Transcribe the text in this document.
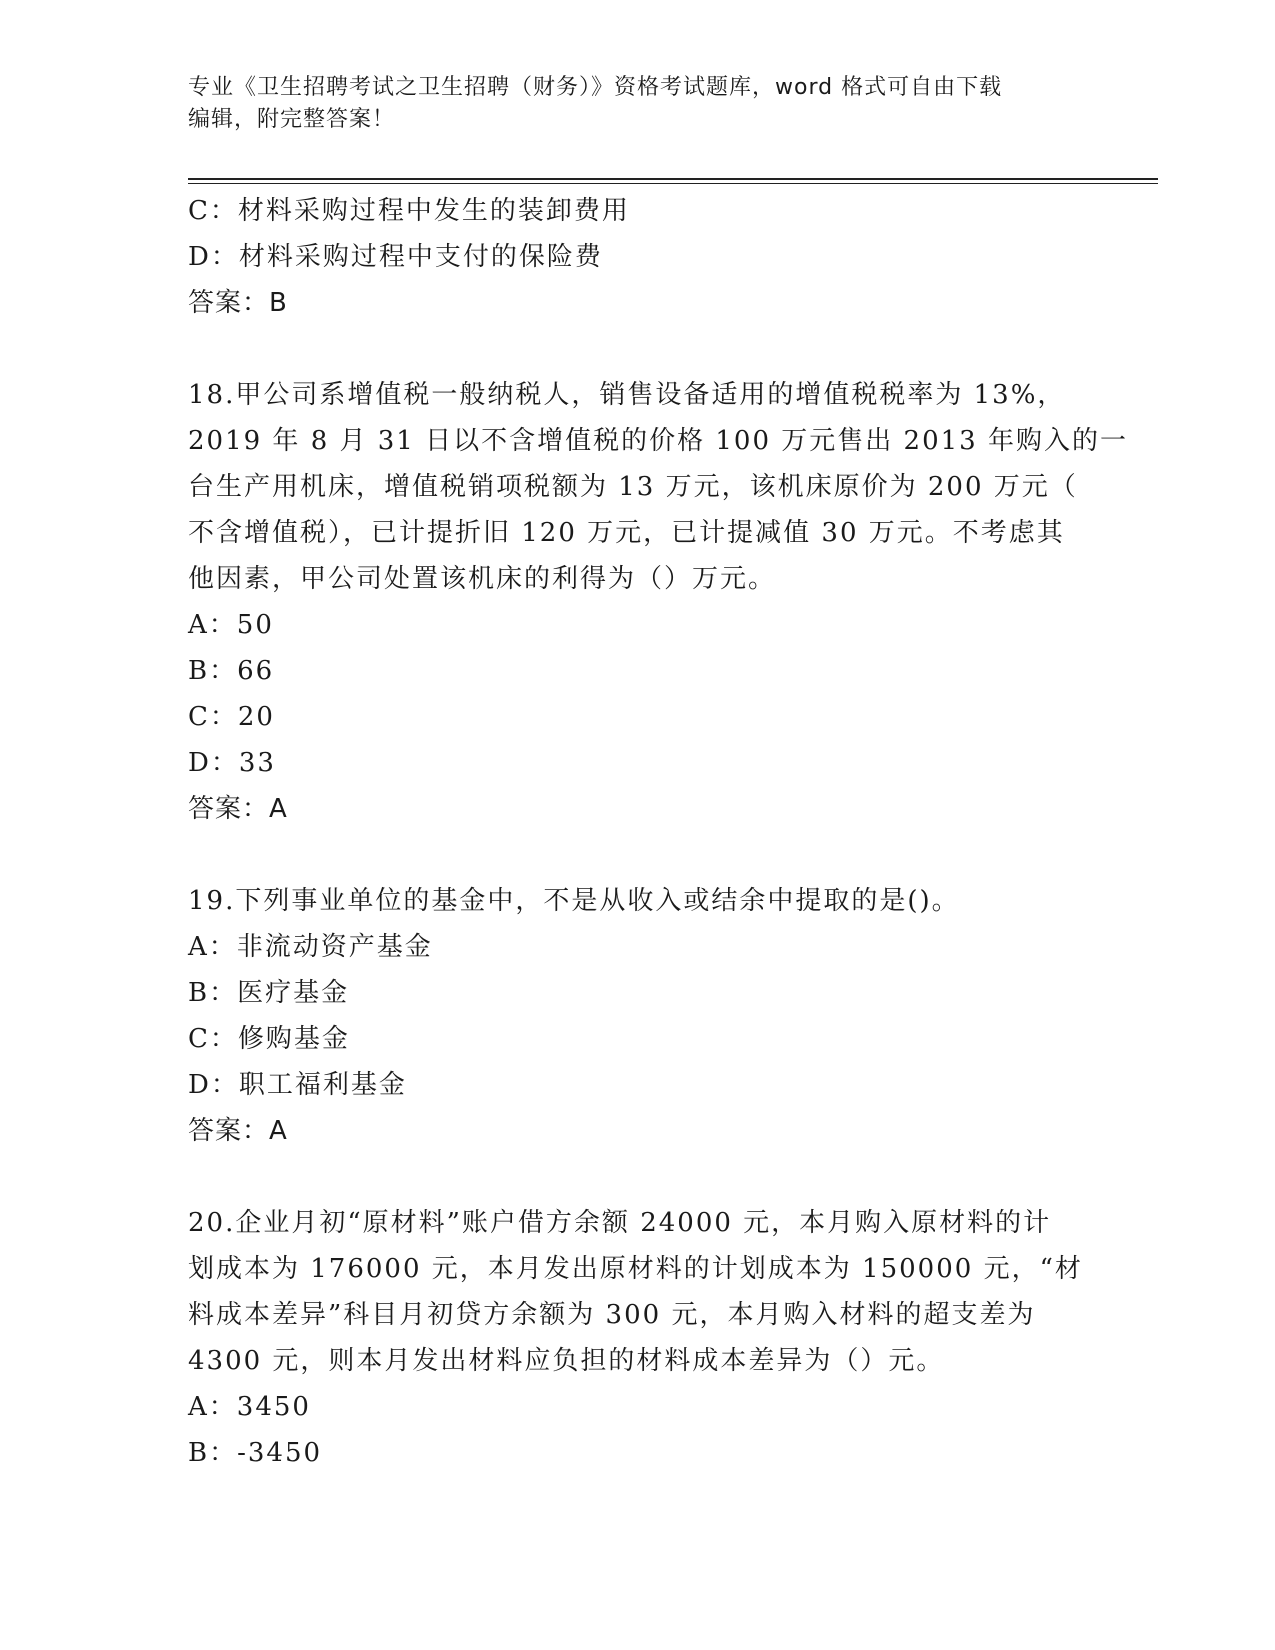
专业《卫生招聘考试之卫生招聘（财务）》资格考试题库，word 格式可自由下载
编辑，附完整答案！
C：材料采购过程中发生的装卸费用
D：材料采购过程中支付的保险费
答案：B
18.甲公司系增值税一般纳税人，销售设备适用的增值税税率为 13%，
2019 年 8 月 31 日以不含增值税的价格 100 万元售出 2013 年购入的一
台生产用机床，增值税销项税额为 13 万元，该机床原价为 200 万元（
不含增值税），已计提折旧 120 万元，已计提减值 30 万元。不考虑其
他因素，甲公司处置该机床的利得为（）万元。
A：50
B：66
C：20
D：33
答案：A
19.下列事业单位的基金中，不是从收入或结余中提取的是()。
A：非流动资产基金
B：医疗基金
C：修购基金
D：职工福利基金
答案：A
20.企业月初“原材料”账户借方余额 24000 元，本月购入原材料的计
划成本为 176000 元，本月发出原材料的计划成本为 150000 元，“材
料成本差异”科目月初贷方余额为 300 元，本月购入材料的超支差为
4300 元，则本月发出材料应负担的材料成本差异为（）元。
A：3450
B：-3450
